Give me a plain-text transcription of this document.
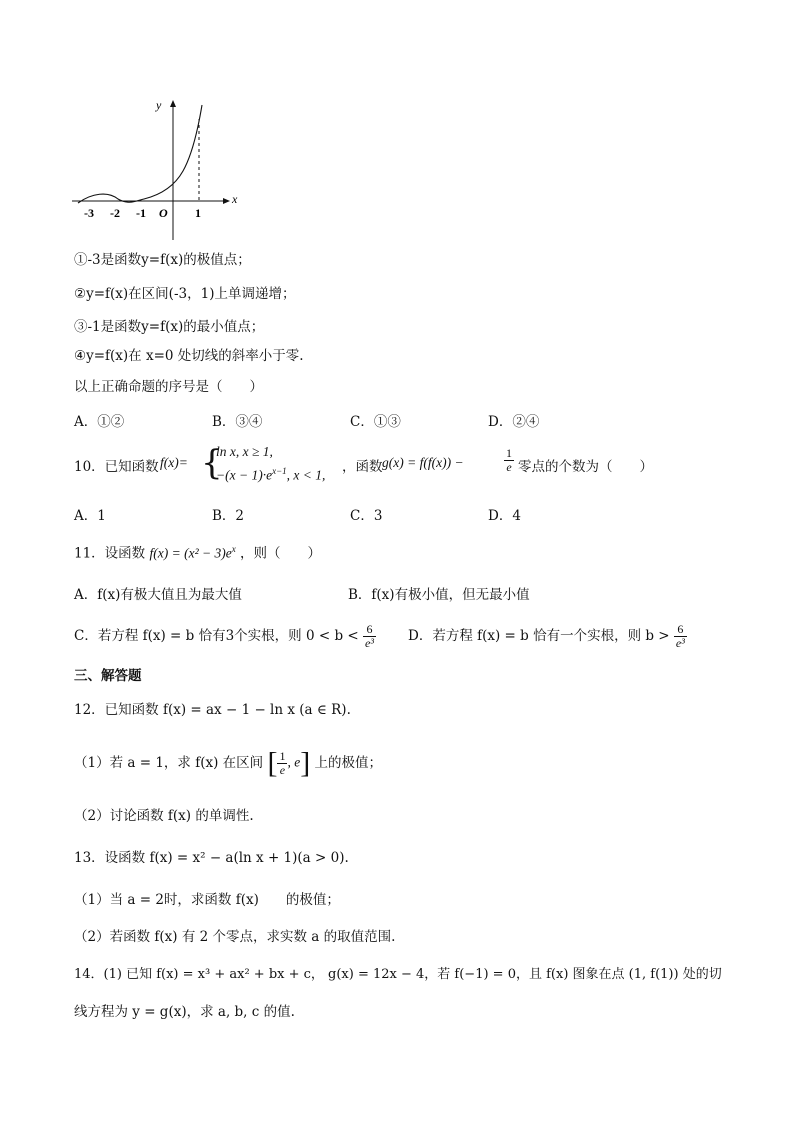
x
y
-3 -2 -1 O 1
①-3是函数y=f(x)的极值点；
②y=f(x)在区间(-3，1)上单调递增；
③-1是函数y=f(x)的最小值点；
④y=f(x)在 x=0 处切线的斜率小于零.
以上正确命题的序号是（　　）
A．①②	B．③④	C．①③	D．②④
10．已知函数 f(x)= {
ln x, x ≥ 1,
$-(x - 1)\cdot e^{x-1}$, x < 1, ，函数 g(x) = f(f(x)) −	$\frac{1}{e}$ 零点的个数为（　　）
A．1	B．2	C．3	D．4
11．设函数 $f(x) = (x^2 - 3)e^x$ ，则（　　）
A．f(x)有极大值且为最大值	B．f(x)有极小值，但无最小值
C．若方程 f(x) = b 恰有3个实根，则 $0 < b < \frac{6}{\text{e³}}$ D．若方程 f(x) = b 恰有一个实根，则 $b > \frac{6}{\text{e³}}$
三、解答题
12．已知函数 f(x) = ax − 1 − ln x (a ∈ R).
（1）若 a = 1，求 f(x) 在区间 [ $\frac{1}{e}$ , e] 上的极值；
（2）讨论函数 f(x) 的单调性.
13．设函数 f(x) = x² − a(ln x + 1)(a > 0).
（1）当 a = 2时，求函数 f(x)　　的极值；
（2）若函数 f(x) 有 2 个零点，求实数 a 的取值范围.
14．(1) 已知 f(x) = x³ + ax² + bx + c， g(x) = 12x − 4，若 f(−1) = 0，且 f(x) 图象在点 (1, f(1)) 处的切
线方程为 y = g(x)，求 a, b, c 的值.
